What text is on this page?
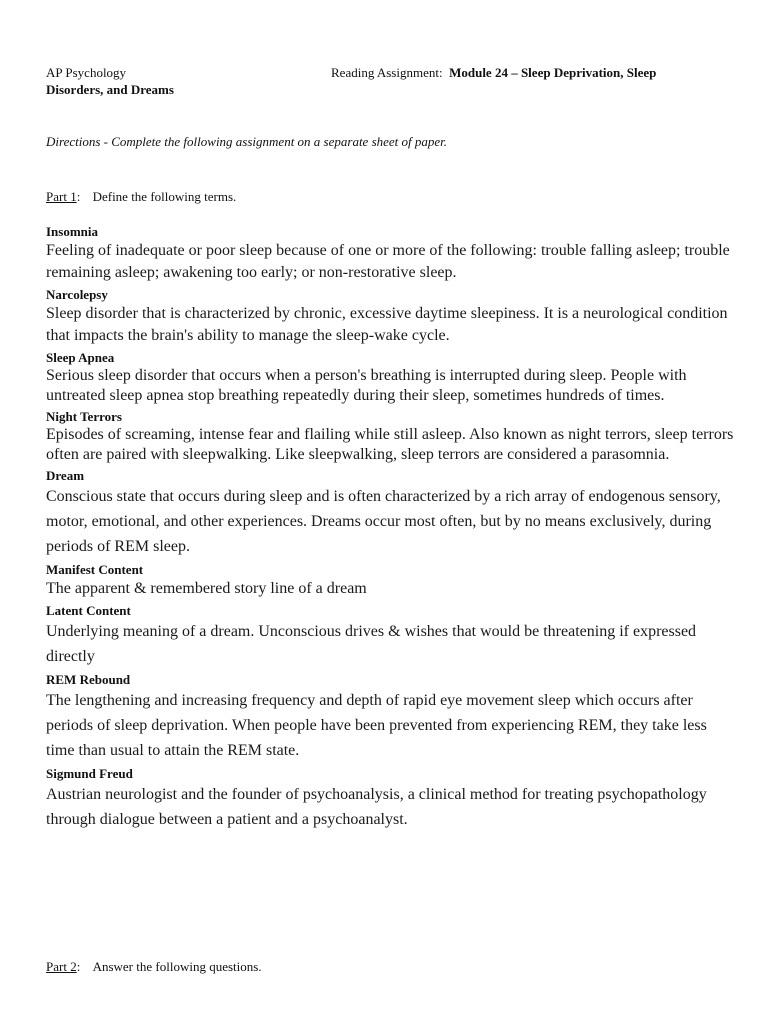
AP Psychology	Reading Assignment: Module 24 – Sleep Deprivation, Sleep
Disorders, and Dreams
Directions - Complete the following assignment on a separate sheet of paper.
Part 1: Define the following terms.

Insomnia

Feeling of inadequate or poor sleep because of one or more of the following: trouble falling asleep; trouble remaining asleep; awakening too early; or non-restorative sleep.

Narcolepsy

Sleep disorder that is characterized by chronic, excessive daytime sleepiness. It is a neurological condition that impacts the brain's ability to manage the sleep-wake cycle.

Sleep Apnea

Serious sleep disorder that occurs when a person's breathing is interrupted during sleep. People with untreated sleep apnea stop breathing repeatedly during their sleep, sometimes hundreds of times.

Night Terrors

Episodes of screaming, intense fear and flailing while still asleep. Also known as night terrors, sleep terrors often are paired with sleepwalking. Like sleepwalking, sleep terrors are considered a parasomnia.

Dream

Conscious state that occurs during sleep and is often characterized by a rich array of endogenous sensory, motor, emotional, and other experiences. Dreams occur most often, but by no means exclusively, during periods of REM sleep.

Manifest Content

The apparent & remembered story line of a dream

Latent Content

Underlying meaning of a dream. Unconscious drives & wishes that would be threatening if expressed directly

REM Rebound

The lengthening and increasing frequency and depth of rapid eye movement sleep which occurs after periods of sleep deprivation. When people have been prevented from experiencing REM, they take less time than usual to attain the REM state.

Sigmund Freud

Austrian neurologist and the founder of psychoanalysis, a clinical method for treating psychopathology through dialogue between a patient and a psychoanalyst.

Part 2: Answer the following questions.
